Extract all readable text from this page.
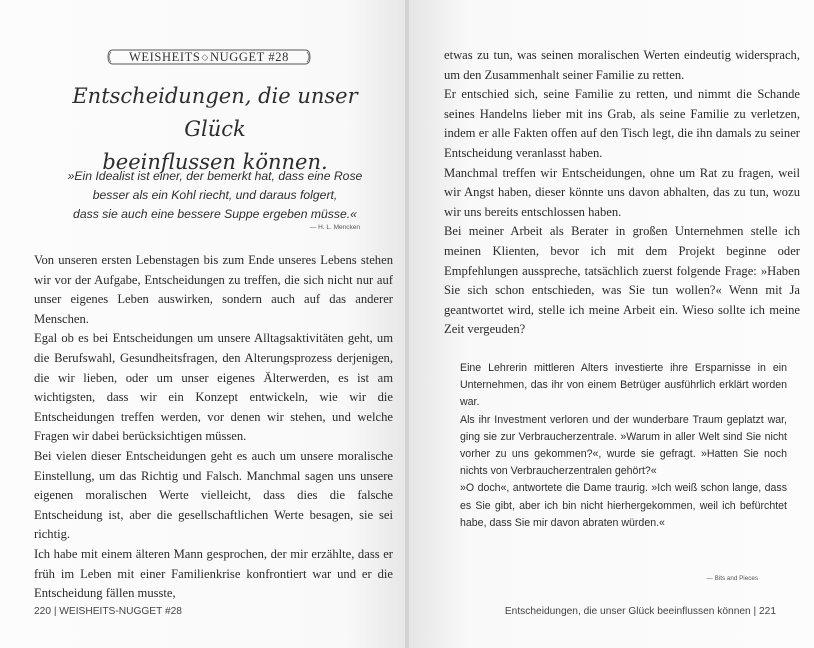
WEISHEITS◇NUGGET #28
Entscheidungen, die unser Glück
beeinflussen können.
»Ein Idealist ist einer, der bemerkt hat, dass eine Rose
besser als ein Kohl riecht, und daraus folgert,
dass sie auch eine bessere Suppe ergeben müsse.«
— H. L. Mencken

Von unseren ersten Lebenstagen bis zum Ende unseres Lebens stehen wir vor der Aufgabe, Entscheidungen zu treffen, die sich nicht nur auf unser eigenes Leben auswirken, sondern auch auf das anderer Menschen.

Egal ob es bei Entscheidungen um unsere Alltagsaktivitäten geht, um die Berufswahl, Gesundheitsfragen, den Alterungsprozess derjenigen, die wir lieben, oder um unser eigenes Älterwerden, es ist am wichtigsten, dass wir ein Konzept entwickeln, wie wir die Entscheidungen treffen werden, vor denen wir stehen, und welche Fragen wir dabei berücksichtigen müssen.

Bei vielen dieser Entscheidungen geht es auch um unsere moralische Einstellung, um das Richtig und Falsch. Manchmal sagen uns unsere eigenen moralischen Werte vielleicht, dass dies die falsche Entscheidung ist, aber die gesellschaftlichen Werte besagen, sie sei richtig.

Ich habe mit einem älteren Mann gesprochen, der mir erzählte, dass er früh im Leben mit einer Familienkrise konfrontiert war und er die Entscheidung fällen musste,

220 | WEISHEITS-NUGGET #28

etwas zu tun, was seinen moralischen Werten eindeutig widersprach, um den Zusammenhalt seiner Familie zu retten.

Er entschied sich, seine Familie zu retten, und nimmt die Schande seines Handelns lieber mit ins Grab, als seine Familie zu verletzen, indem er alle Fakten offen auf den Tisch legt, die ihn damals zu seiner Entscheidung veranlasst haben.

Manchmal treffen wir Entscheidungen, ohne um Rat zu fragen, weil wir Angst haben, dieser könnte uns davon abhalten, das zu tun, wozu wir uns bereits entschlossen haben.

Bei meiner Arbeit als Berater in großen Unternehmen stelle ich meinen Klienten, bevor ich mit dem Projekt beginne oder Empfehlungen ausspreche, tatsächlich zuerst folgende Frage: »Haben Sie sich schon entschieden, was Sie tun wollen?« Wenn mit Ja geantwortet wird, stelle ich meine Arbeit ein. Wieso sollte ich meine Zeit vergeuden?

Eine Lehrerin mittleren Alters investierte ihre Ersparnisse in ein Unternehmen, das ihr von einem Betrüger ausführlich erklärt worden war.

Als ihr Investment verloren und der wunderbare Traum geplatzt war, ging sie zur Verbraucherzentrale. »Warum in aller Welt sind Sie nicht vorher zu uns gekommen?«, wurde sie gefragt. »Hatten Sie noch nichts von Verbraucherzentralen gehört?«

»O doch«, antwortete die Dame traurig. »Ich weiß schon lange, dass es Sie gibt, aber ich bin nicht hierhergekommen, weil ich befürchtet habe, dass Sie mir davon abraten würden.«

— Bits and Pieces
Entscheidungen, die unser Glück beeinflussen können | 221
